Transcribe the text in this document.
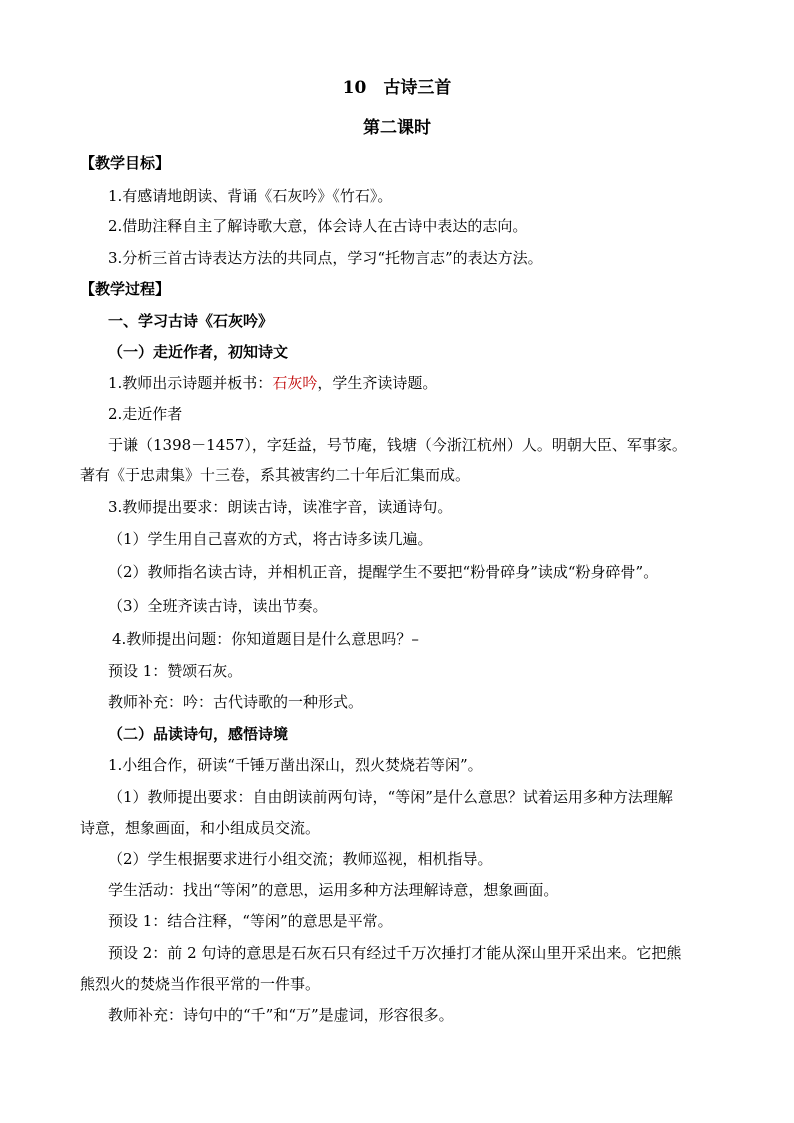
10　古诗三首
第二课时
【教学目标】
1.有感请地朗读、背诵《石灰吟》《竹石》。
2.借助注释自主了解诗歌大意，体会诗人在古诗中表达的志向。
3.分析三首古诗表达方法的共同点，学习“托物言志”的表达方法。
【教学过程】
一、学习古诗《石灰吟》
（一）走近作者，初知诗文
1.教师出示诗题并板书：石灰吟，学生齐读诗题。
2.走近作者
于谦（1398－1457），字廷益，号节庵，钱塘（今浙江杭州）人。明朝大臣、军事家。
著有《于忠肃集》十三卷，系其被害约二十年后汇集而成。
3.教师提出要求：朗读古诗，读准字音，读通诗句。
（1）学生用自己喜欢的方式，将古诗多读几遍。
（2）教师指名读古诗，并相机正音，提醒学生不要把“粉骨碎身”读成“粉身碎骨”。
（3）全班齐读古诗，读出节奏。
4.教师提出问题：你知道题目是什么意思吗？–
预设 1：赞颂石灰。
教师补充：吟：古代诗歌的一种形式。
（二）品读诗句，感悟诗境
1.小组合作，研读“千锤万凿出深山，烈火焚烧若等闲”。
（1）教师提出要求：自由朗读前两句诗，“等闲”是什么意思？试着运用多种方法理解
诗意，想象画面，和小组成员交流。
（2）学生根据要求进行小组交流；教师巡视，相机指导。
学生活动：找出“等闲”的意思，运用多种方法理解诗意，想象画面。
预设 1：结合注释，“等闲”的意思是平常。
预设 2：前 2 句诗的意思是石灰石只有经过千万次捶打才能从深山里开采出来。它把熊
熊烈火的焚烧当作很平常的一件事。
教师补充：诗句中的“千”和“万”是虚词，形容很多。
